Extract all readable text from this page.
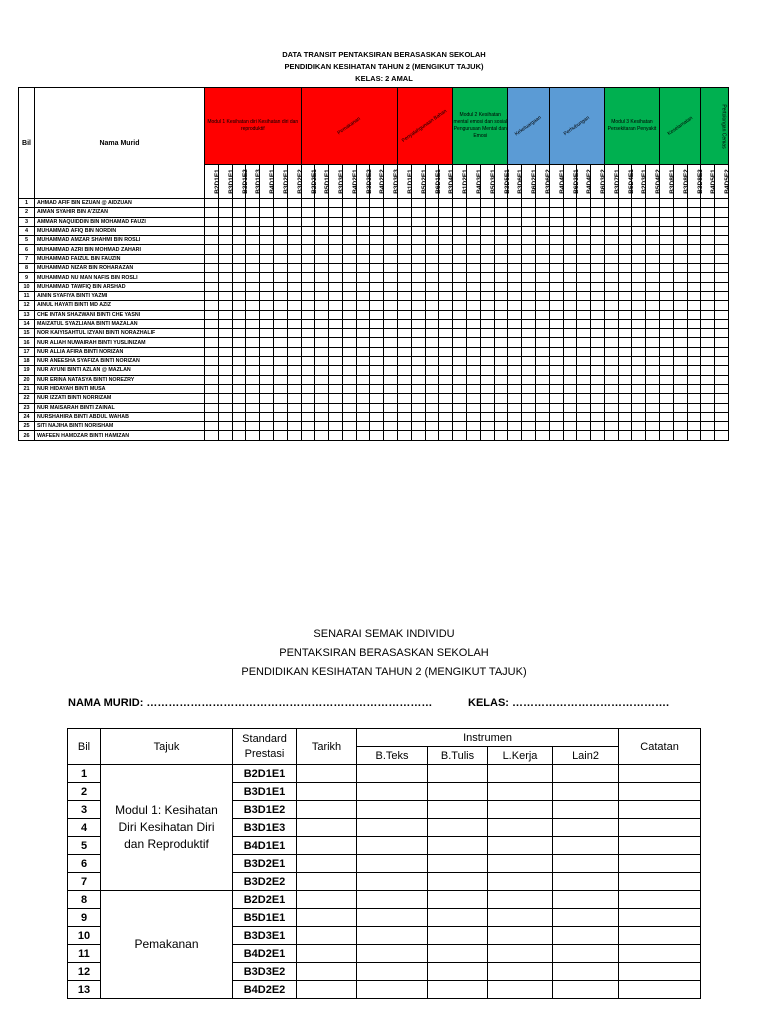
DATA TRANSIT PENTAKSIRAN BERASASKAN SEKOLAH
PENDIDIKAN KESIHATAN TAHUN 2 (MENGIKUT TAJUK)
KELAS: 2 AMAL
Bil	Nama Murid	Modul 1 Kesihatan diri Kesihatan diri dan reproduktif							Pemakanan							Penyalahgunaan Bahan				Modul 2 Kesihatan mental emosi dan sosial Pengurusan Mental dan Emosi				Kekeluargaan			Perhubungan				Modul 3 Kesihatan Persekitaran Penyakit				Keselamatan			Pertolongan Cemas	
		B2D1E1	B3D1E1	B3D1E2	B3D1E3	B4D1E1	B3D2E1	B3D2E2	B2D2E1	B5D1E1	B3D3E1	B4D2E1	B3D3E2	B4D2E2	B3D3E3	B1D1E1	B5D2E1	B6D1E1	B3D4E1	B1D2E1	B4D3E1	B5D3E1	B3D5E1	B3D6E1	B6D2E1	B3D6E2	B4D4E1	B6D3E1	B4D4E2	B6D3E2	B3D7E1	B5D4E1	B2D3E1	B5D4E2	B3D8E1	B3D8E2	B3D8E3	B4D5E1	B4D5E2
1	AHMAD AFIF BIN EZUAN @ AIDZUAN																																						
2	AIMAN SYAHIR BIN A'ZIZAN																																						
3	AMMAR NAQUIDDIN BIN MOHAMAD FAUZI																																						
4	MUHAMMAD AFIQ BIN NORDIN																																						
5	MUHAMMAD AMZAR SHAHMI BIN ROSLI																																						
6	MUHAMMAD AZRI BIN MOHMAD ZAHARI																																						
7	MUHAMMAD FAIZUL BIN FAUZIN																																						
8	MUHAMMAD NIZAR BIN ROHARAZAN																																						
9	MUHAMMAD NU MAN NAFIS BIN ROSLI																																						
10	MUHAMMAD TAWFIQ BIN ARSHAD																																						
11	AININ SYAFIYA BINTI YAZMI																																						
12	AINUL HAYATI BINTI MD AZIZ																																						
13	CHE INTAN SHAZWANI BINTI CHE YASNI																																						
14	MAIZATUL SYAZLIANA BINTI MAZALAN																																						
15	NOR KAIYISAHTUL IZYANI BINTI NORAZHALIF																																						
16	NUR ALIAH NUWAIRAH BINTI YUSLINIZAM																																						
17	NUR ALLIA AFIRA BINTI NORIZAN																																						
18	NUR ANEESHA SYAFIZA BINTI NORIZAN																																						
19	NUR AYUNI BINTI AZLAN @ MAZLAN																																						
20	NUR ERINA NATASYA BINTI NOREZRY																																						
21	NUR HIDAYAH BINTI MUSA																																						
22	NUR IZZATI BINTI NORRIZAM																																						
23	NUR MAISARAH BINTI ZAINAL																																						
24	NURSHAHIRA BINTI ABDUL WAHAB																																						
25	SITI NAJIHA BINTI NORISHAM																																						
26	WAFEEN HAMDZAR BINTI HAMIZAN																																						
SENARAI SEMAK INDIVIDU
PENTAKSIRAN BERASASKAN SEKOLAH
PENDIDIKAN KESIHATAN TAHUN 2 (MENGIKUT TAJUK)
NAMA MURID: ……………………………………………………………………	KELAS: …………………………………….
Bil	Tajuk	Standard Prestasi	Tarikh	Instrumen				Catatan
				B.Teks	B.Tulis	L.Kerja	Lain2	
1	Modul 1: Kesihatan Diri Kesihatan Diri dan Reproduktif	B2D1E1						
2		B3D1E1						
3		B3D1E2						
4		B3D1E3						
5		B4D1E1						
6		B3D2E1						
7		B3D2E2						
8	Pemakanan	B2D2E1						
9		B5D1E1						
10		B3D3E1						
11		B4D2E1						
12		B3D3E2						
13		B4D2E2						
